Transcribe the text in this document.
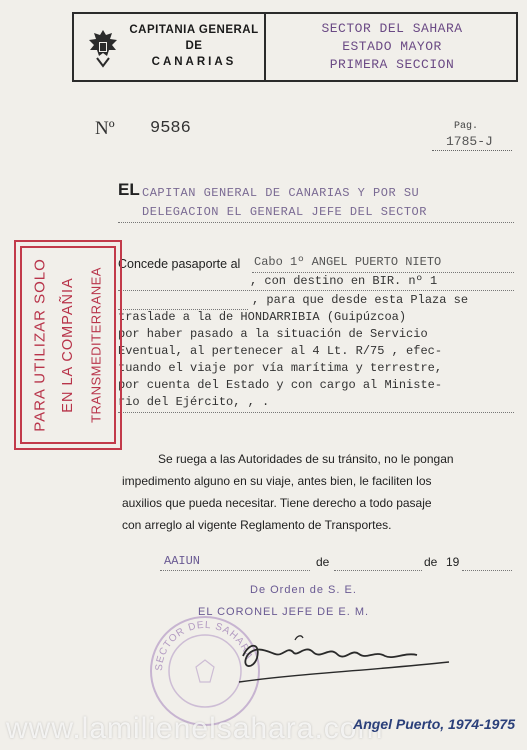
CAPITANIA GENERAL
DE
CANARIAS
SECTOR DEL SAHARA
ESTADO MAYOR
PRIMERA SECCION
Nº 9586	Pag.
1785-J
EL CAPITAN GENERAL DE CANARIAS Y POR SU
DELEGACION EL GENERAL JEFE DEL SECTOR
Concede pasaporte al Cabo 1º ANGEL PUERTO NIETO
, con destino en BIR. nº 1
, para que desde esta Plaza se
traslade a la de HONDARRIBIA (Guipúzcoa)
por haber pasado a la situación de Servicio
Eventual, al pertenecer al 4 Lt. R/75 , efec-
tuando el viaje por vía marítima y terrestre,
por cuenta del Estado y con cargo al Ministe-
rio del Ejército, , .
PARA UTILIZAR SOLO EN LA COMPAÑIA TRANSMEDITERRANEA
Se ruega a las Autoridades de su tránsito, no le pongan
impedimento alguno en su viaje, antes bien, le faciliten los
auxilios que pueda necesitar. Tiene derecho a todo pasaje
con arreglo al vigente Reglamento de Transportes.
AAIUN	de	de 19
De Orden de S. E.
EL CORONEL JEFE DE E. M.
SECTOR DEL SAHARA
www.lamilienelsahara.com
Angel Puerto, 1974-1975
